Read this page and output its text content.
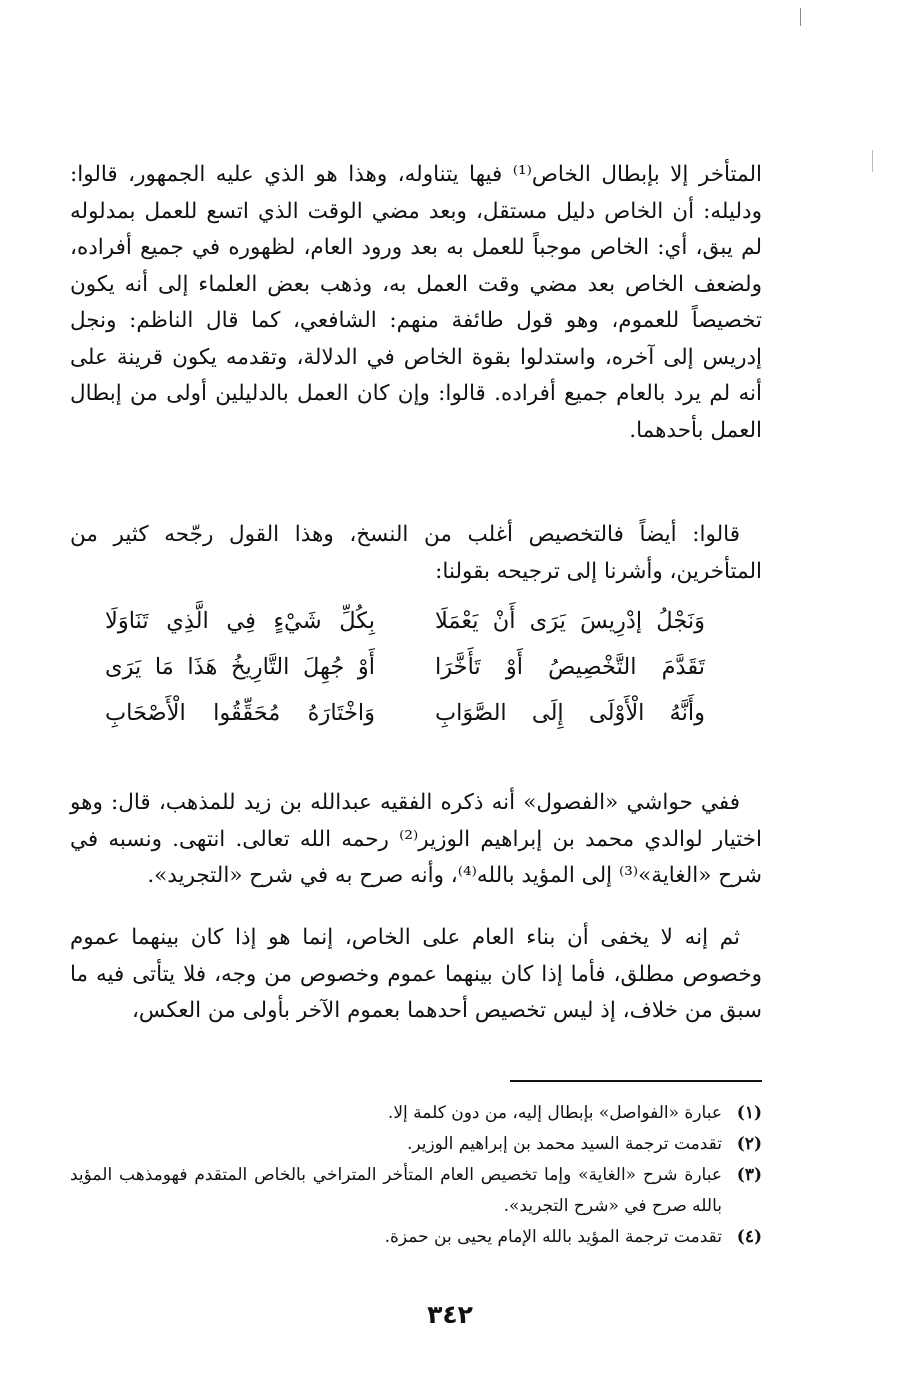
المتأخر إلا بإبطال الخاص⁽¹⁾ فيها يتناوله، وهذا هو الذي عليه الجمهور، قالوا: ودليله: أن الخاص دليل مستقل، وبعد مضي الوقت الذي اتسع للعمل بمدلوله لم يبق، أي: الخاص موجباً للعمل به بعد ورود العام، لظهوره في جميع أفراده، ولضعف الخاص بعد مضي وقت العمل به، وذهب بعض العلماء إلى أنه يكون تخصيصاً للعموم، وهو قول طائفة منهم: الشافعي، كما قال الناظم: ونجل إدريس إلى آخره، واستدلوا بقوة الخاص في الدلالة، وتقدمه يكون قرينة على أنه لم يرد بالعام جميع أفراده. قالوا: وإن كان العمل بالدليلين أولى من إبطال العمل بأحدهما.

قالوا: أيضاً فالتخصيص أغلب من النسخ، وهذا القول رجّحه كثير من المتأخرين، وأشرنا إلى ترجيحه بقولنا:

وَنَجْلُ إدْرِيسَ يَرَى أَنْ يَعْمَلَا
بِكُلِّ شَيْءٍ فِي الَّذِي تَنَاوَلَا
تَقَدَّمَ التَّخْصِيصُ أَوْ تَأَخَّرَا
أَوْ جُهِلَ التَّارِيخُ هَذَا مَا يَرَى
وأَنَّهُ الْأَوْلَى إِلَى الصَّوَابِ
وَاخْتَارَهُ مُحَقِّقُوا الْأَصْحَابِ

ففي حواشي «الفصول» أنه ذكره الفقيه عبدالله بن زيد للمذهب، قال: وهو اختيار لوالدي محمد بن إبراهيم الوزير⁽²⁾ رحمه الله تعالى. انتهى. ونسبه في شرح «الغاية»⁽³⁾ إلى المؤيد بالله⁽⁴⁾، وأنه صرح به في شرح «التجريد».

ثم إنه لا يخفى أن بناء العام على الخاص، إنما هو إذا كان بينهما عموم وخصوص مطلق، فأما إذا كان بينهما عموم وخصوص من وجه، فلا يتأتى فيه ما سبق من خلاف، إذ ليس تخصيص أحدهما بعموم الآخر بأولى من العكس،

(١)
عبارة «الفواصل» بإبطال إليه، من دون كلمة إلا.
(٢)
تقدمت ترجمة السيد محمد بن إبراهيم الوزير.
(٣)
عبارة شرح «الغاية» وإما تخصيص العام المتأخر المتراخي بالخاص المتقدم فهومذهب المؤيد بالله صرح في «شرح التجريد».
(٤)
تقدمت ترجمة المؤيد بالله الإمام يحيى بن حمزة.
٣٤٢
